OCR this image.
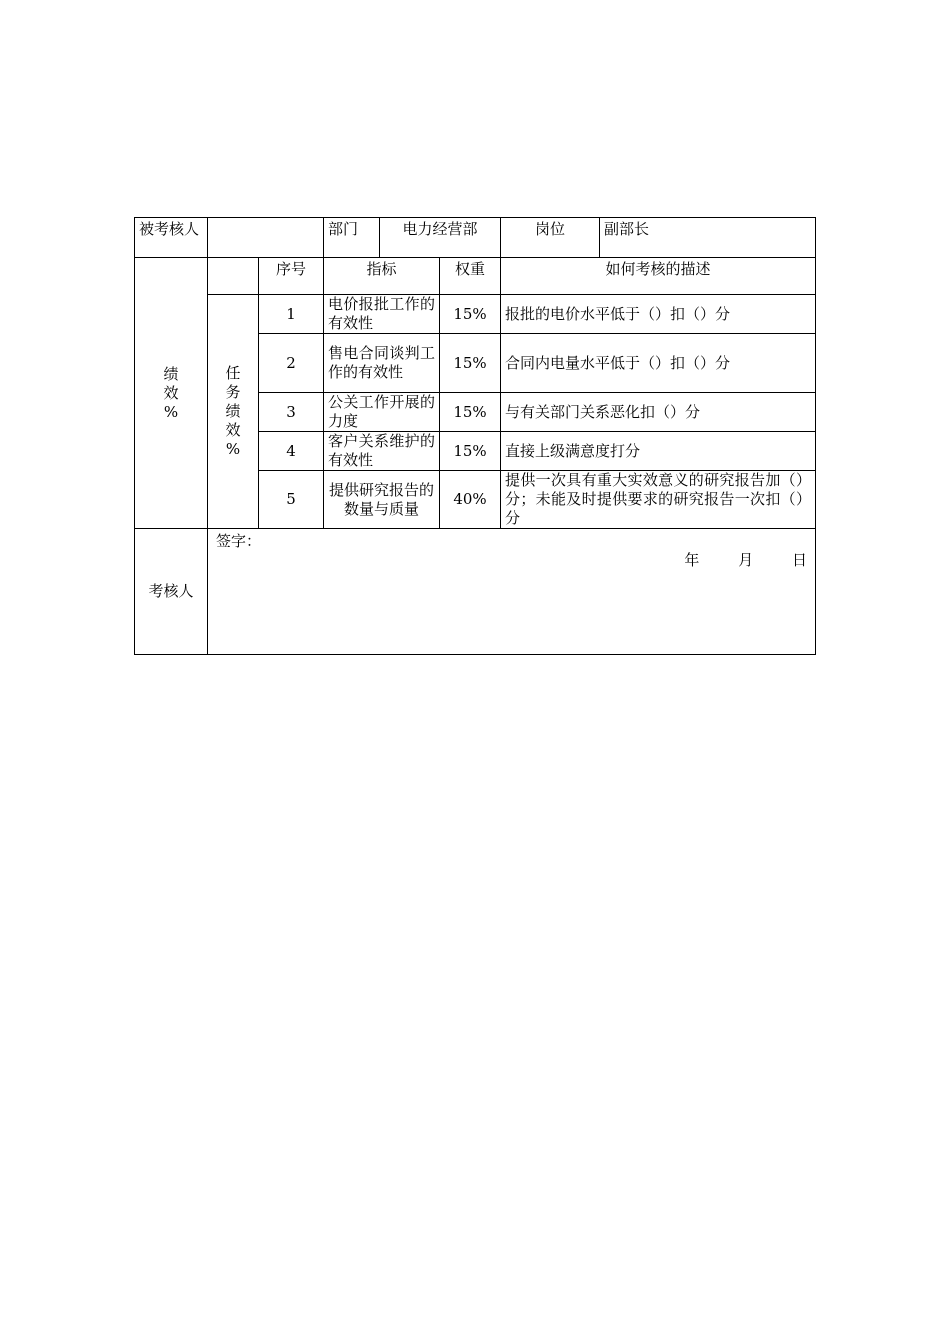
被考核人			部门	电力经营部		岗位	副部长

绩
效
%		序号	指标		权重	如何考核的描述	

	任
务
绩
效
%	1	电价报批工作的有效性		15%	报批的电价水平低于（）扣（）分	
		2	售电合同谈判工作的有效性		15%	合同内电量水平低于（）扣（）分	
		3	公关工作开展的力度		15%	与有关部门关系恶化扣（）分	
		4	客户关系维护的有效性		15%	直接上级满意度打分	
		5	提供研究报告的数量与质量		40%	提供一次具有重大实效意义的研究报告加（）分；未能及时提供要求的研究报告一次扣（）分	
考核人	签字：
年 月 日						
